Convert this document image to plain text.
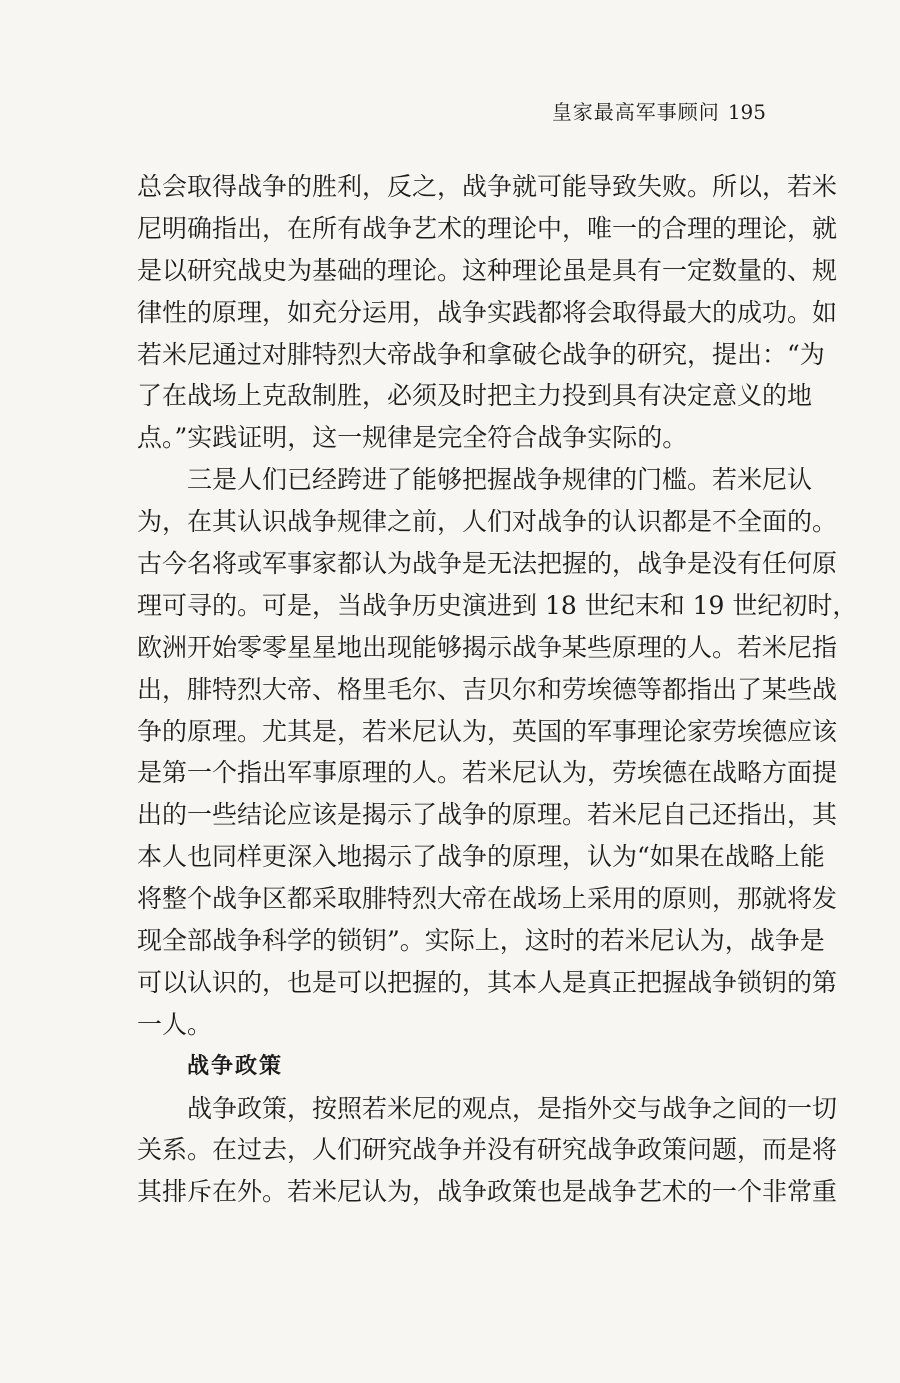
皇家最高军事顾问 195
总会取得战争的胜利，反之，战争就可能导致失败。所以，若米
尼明确指出，在所有战争艺术的理论中，唯一的合理的理论，就
是以研究战史为基础的理论。这种理论虽是具有一定数量的、规
律性的原理，如充分运用，战争实践都将会取得最大的成功。如
若米尼通过对腓特烈大帝战争和拿破仑战争的研究，提出：“为
了在战场上克敌制胜，必须及时把主力投到具有决定意义的地
点。”实践证明，这一规律是完全符合战争实际的。
三是人们已经跨进了能够把握战争规律的门槛。若米尼认
为，在其认识战争规律之前，人们对战争的认识都是不全面的。
古今名将或军事家都认为战争是无法把握的，战争是没有任何原
理可寻的。可是，当战争历史演进到 18 世纪末和 19 世纪初时，
欧洲开始零零星星地出现能够揭示战争某些原理的人。若米尼指
出，腓特烈大帝、格里毛尔、吉贝尔和劳埃德等都指出了某些战
争的原理。尤其是，若米尼认为，英国的军事理论家劳埃德应该
是第一个指出军事原理的人。若米尼认为，劳埃德在战略方面提
出的一些结论应该是揭示了战争的原理。若米尼自己还指出，其
本人也同样更深入地揭示了战争的原理，认为“如果在战略上能
将整个战争区都采取腓特烈大帝在战场上采用的原则，那就将发
现全部战争科学的锁钥”。实际上，这时的若米尼认为，战争是
可以认识的，也是可以把握的，其本人是真正把握战争锁钥的第
一人。
战争政策
战争政策，按照若米尼的观点，是指外交与战争之间的一切
关系。在过去，人们研究战争并没有研究战争政策问题，而是将
其排斥在外。若米尼认为，战争政策也是战争艺术的一个非常重
